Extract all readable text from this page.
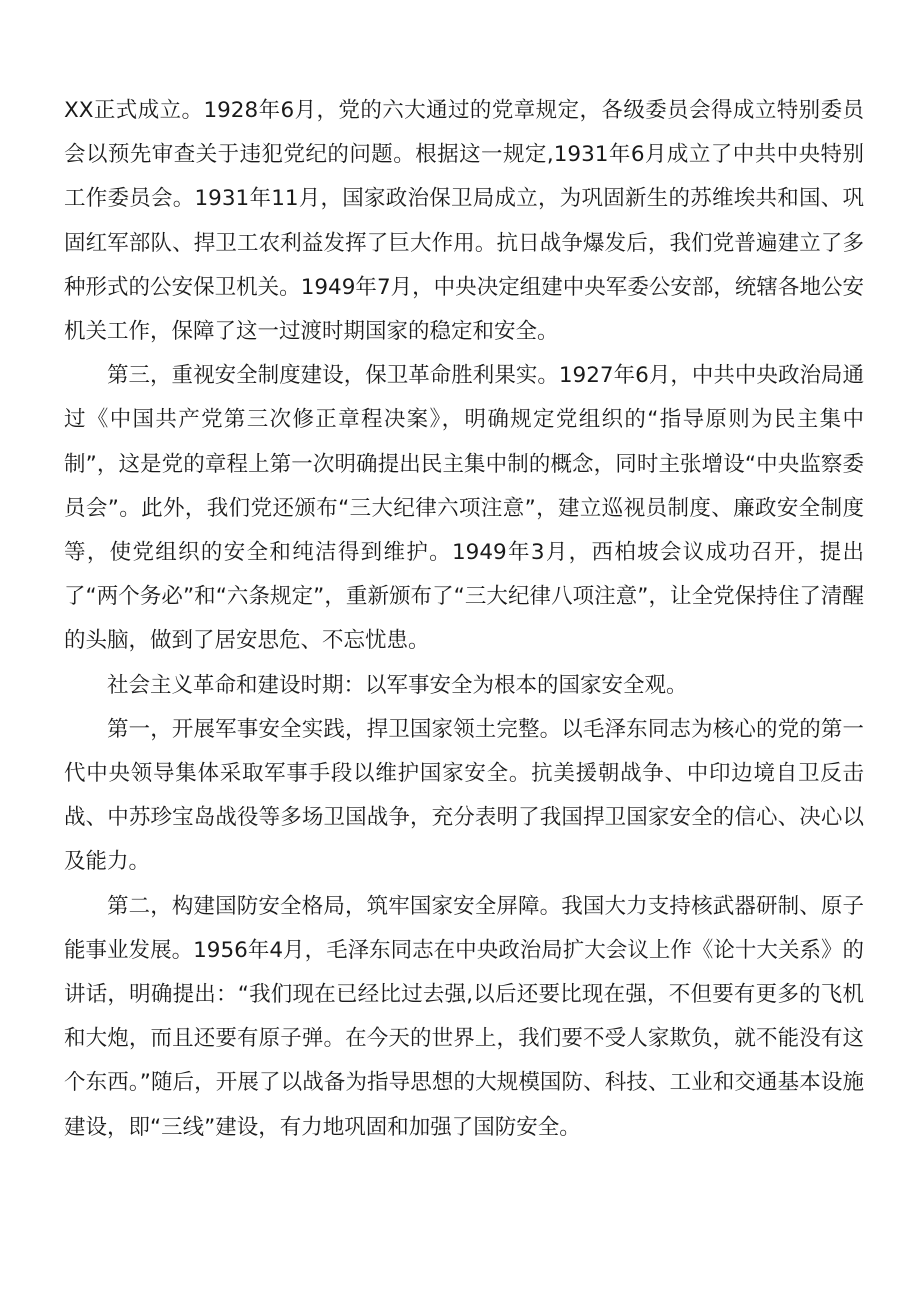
XX正式成立。1928年6月，党的六大通过的党章规定，各级委员会得成立特别委员会以预先审查关于违犯党纪的问题。根据这一规定,1931年6月成立了中共中央特别工作委员会。1931年11月，国家政治保卫局成立，为巩固新生的苏维埃共和国、巩固红军部队、捍卫工农利益发挥了巨大作用。抗日战争爆发后，我们党普遍建立了多种形式的公安保卫机关。1949年7月，中央决定组建中央军委公安部，统辖各地公安机关工作，保障了这一过渡时期国家的稳定和安全。

第三，重视安全制度建设，保卫革命胜利果实。1927年6月，中共中央政治局通过《中国共产党第三次修正章程决案》，明确规定党组织的“指导原则为民主集中制”，这是党的章程上第一次明确提出民主集中制的概念，同时主张增设“中央监察委员会”。此外，我们党还颁布“三大纪律六项注意”，建立巡视员制度、廉政安全制度等，使党组织的安全和纯洁得到维护。1949年3月，西柏坡会议成功召开，提出了“两个务必”和“六条规定”，重新颁布了“三大纪律八项注意”，让全党保持住了清醒的头脑，做到了居安思危、不忘忧患。

社会主义革命和建设时期：以军事安全为根本的国家安全观。

第一，开展军事安全实践，捍卫国家领土完整。以毛泽东同志为核心的党的第一代中央领导集体采取军事手段以维护国家安全。抗美援朝战争、中印边境自卫反击战、中苏珍宝岛战役等多场卫国战争，充分表明了我国捍卫国家安全的信心、决心以及能力。

第二，构建国防安全格局，筑牢国家安全屏障。我国大力支持核武器研制、原子能事业发展。1956年4月，毛泽东同志在中央政治局扩大会议上作《论十大关系》的讲话，明确提出：“我们现在已经比过去强,以后还要比现在强，不但要有更多的飞机和大炮，而且还要有原子弹。在今天的世界上，我们要不受人家欺负，就不能没有这个东西。”随后，开展了以战备为指导思想的大规模国防、科技、工业和交通基本设施建设，即“三线”建设，有力地巩固和加强了国防安全。
